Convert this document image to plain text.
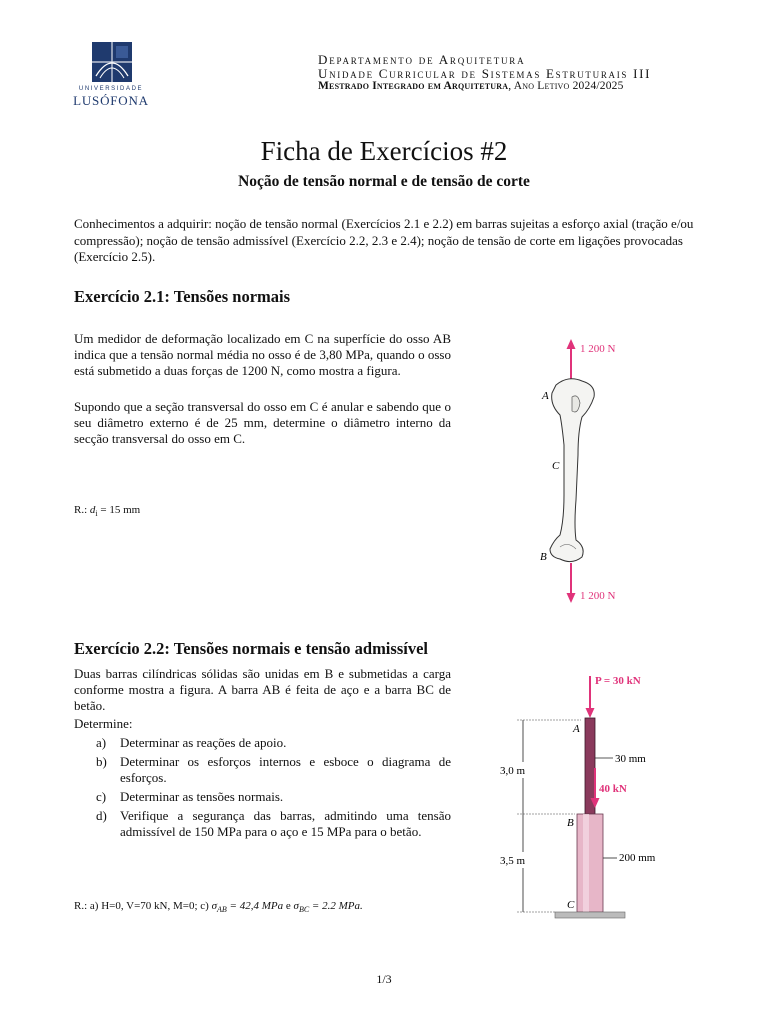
UNIVERSIDADE
LUSÓFONA
Departamento de Arquitetura
Unidade Curricular de Sistemas Estruturais III
Mestrado Integrado em Arquitetura, Ano Letivo 2024/2025
Ficha de Exercícios #2
Noção de tensão normal e de tensão de corte
Conhecimentos a adquirir: noção de tensão normal (Exercícios 2.1 e 2.2) em barras sujeitas a esforço axial (tração e/ou compressão); noção de tensão admissível (Exercício 2.2, 2.3 e 2.4); noção de tensão de corte em ligações provocadas (Exercício 2.5).
Exercício 2.1: Tensões normais
Um medidor de deformação localizado em C na superfície do osso AB indica que a tensão normal média no osso é de 3,80 MPa, quando o osso está submetido a duas forças de 1200 N, como mostra a figura.
Supondo que a seção transversal do osso em C é anular e sabendo que o seu diâmetro externo é de 25 mm, determine o diâmetro interno da secção transversal do osso em C.
R.: $d_i = 15$ mm
1 200 N
A
C
B
1 200 N
Exercício 2.2: Tensões normais e tensão admissível
Duas barras cilíndricas sólidas são unidas em B e submetidas a carga conforme mostra a figura. A barra AB é feita de aço e a barra BC de betão.
Determine:
a) Determinar as reações de apoio.
b) Determinar os esforços internos e esboce o diagrama de esforços.
c) Determinar as tensões normais.
d) Verifique a segurança das barras, admitindo uma tensão admissível de 150 MPa para o aço e 15 MPa para o betão.
R.: a) H=0, V=70 kN, M=0; c) $\sigma_{AB} = 42,4$ MPa e $\sigma_{BC} = 2.2$ MPa.
P = 30 kN
A
B
C
40 kN
30 mm
200 mm
3,0 m
3,5 m
1/3
